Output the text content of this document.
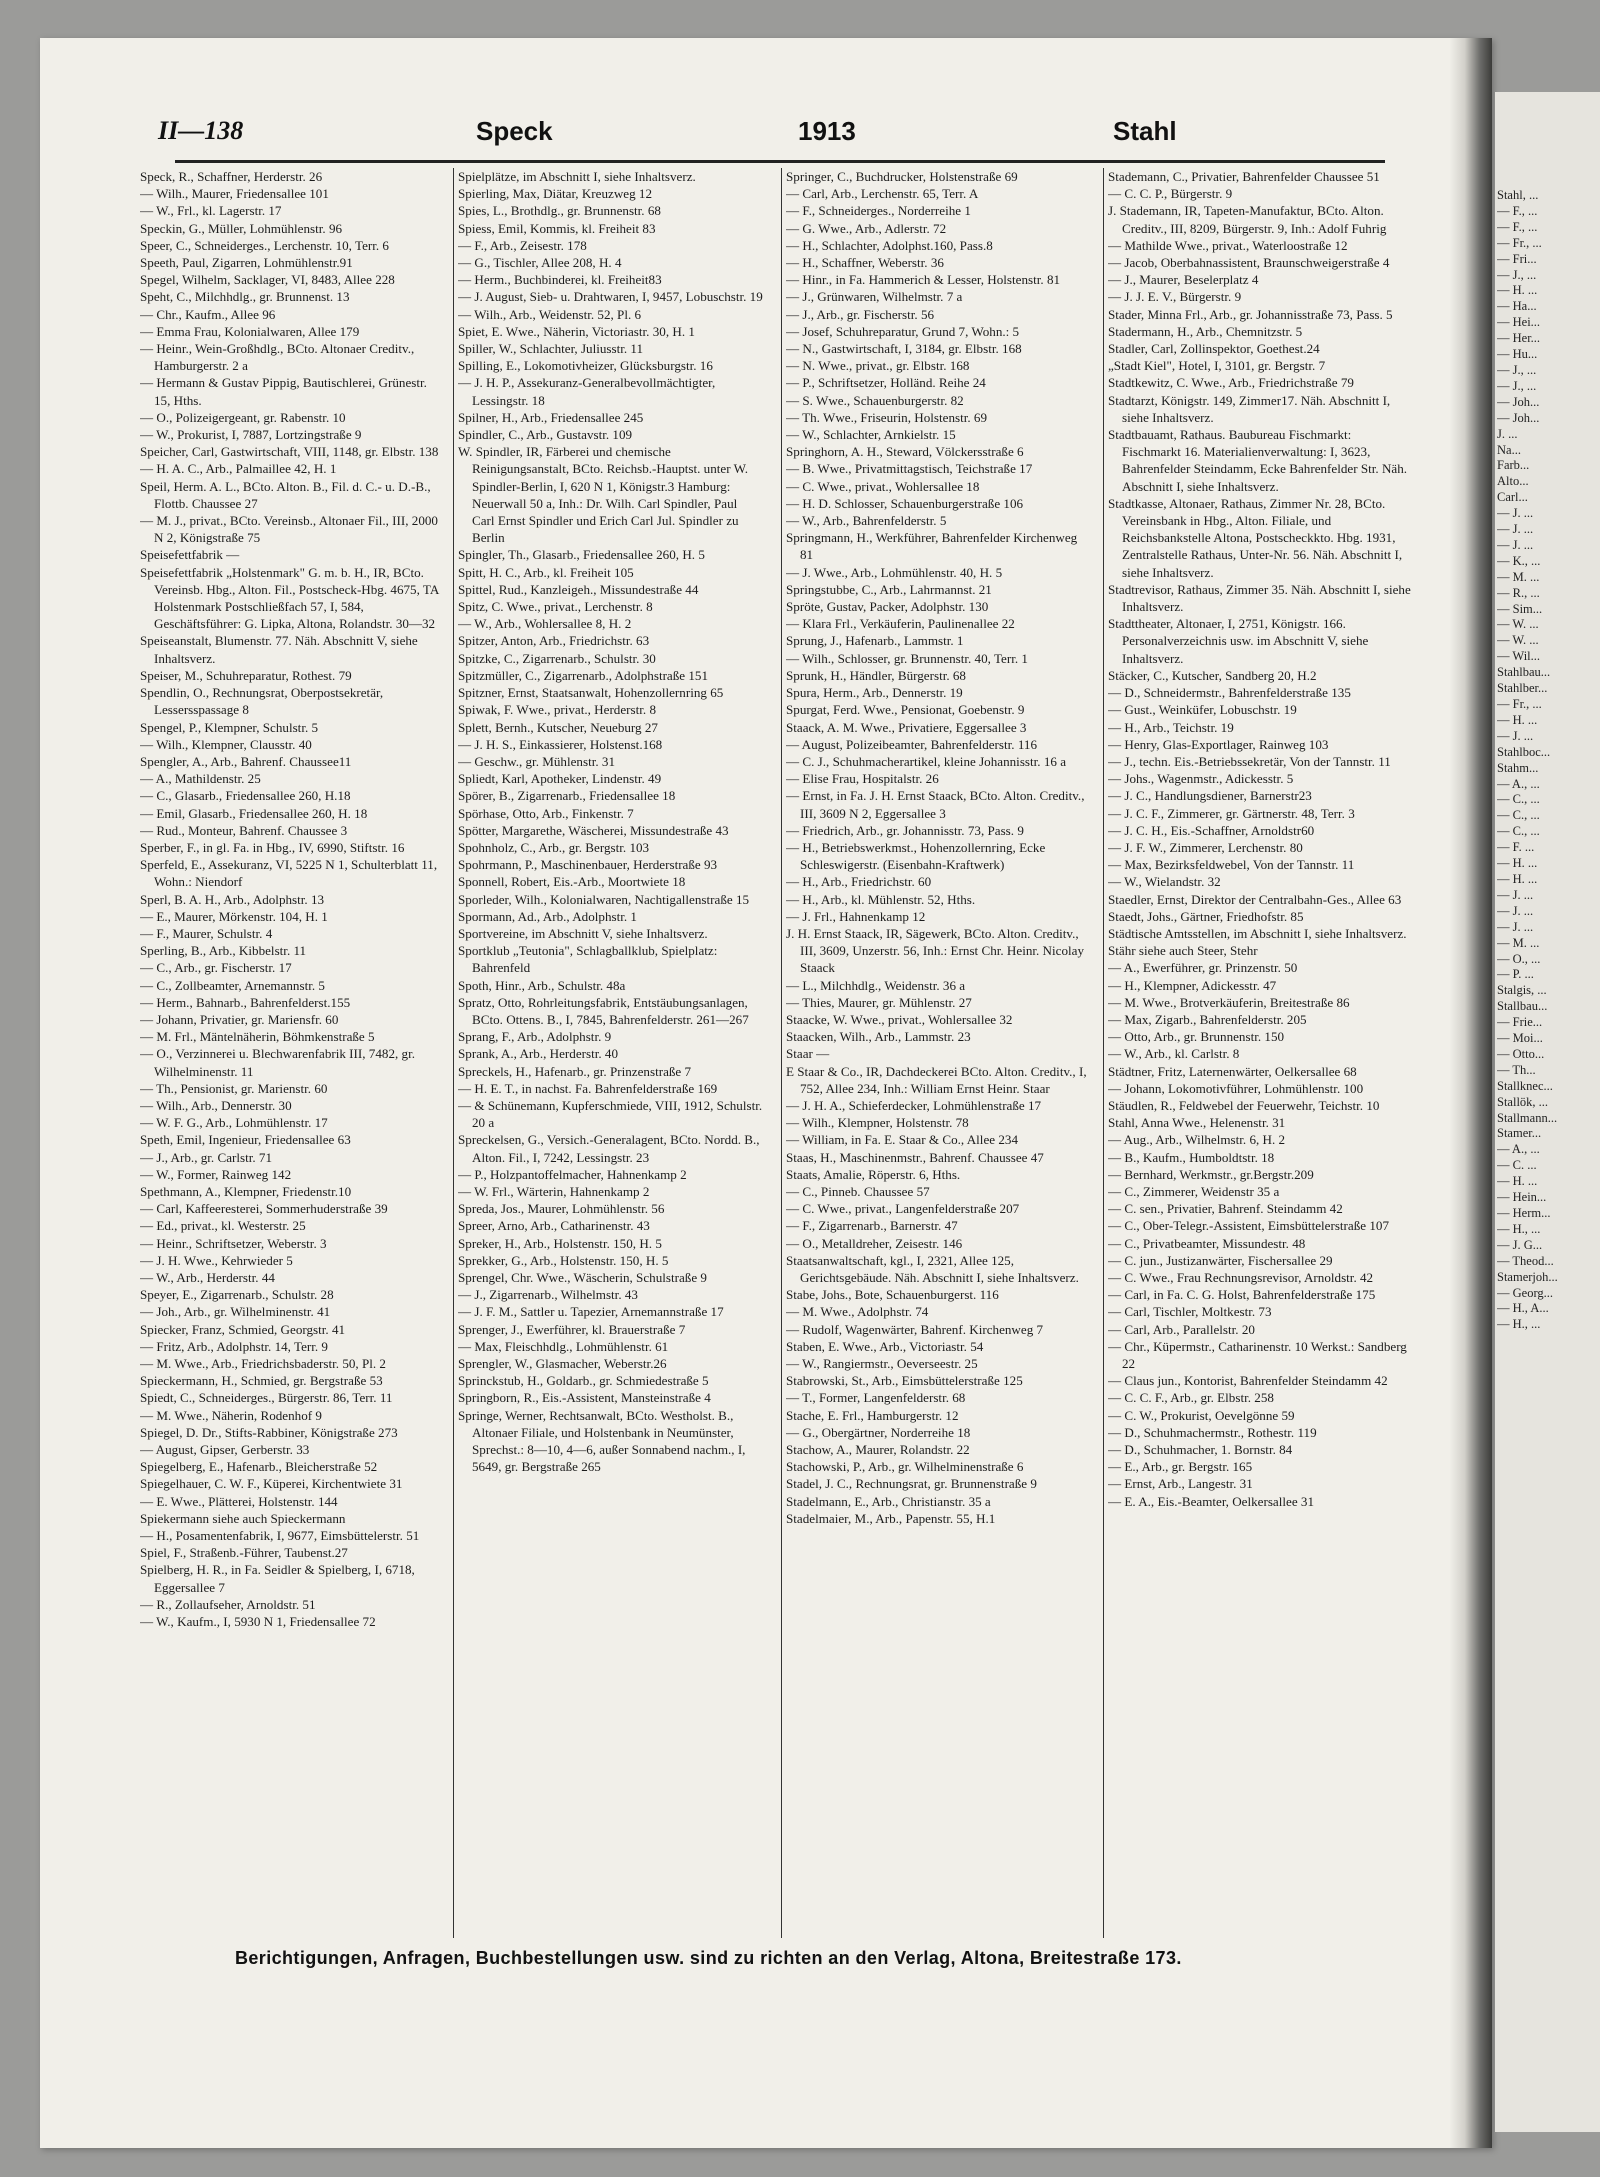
II—138	Speck	1913	Stahl

Speck, R., Schaffner, Herderstr. 26

— Wilh., Maurer, Friedensallee 101

— W., Frl., kl. Lagerstr. 17

Speckin, G., Müller, Lohmühlenstr. 96

Speer, C., Schneiderges., Lerchenstr. 10, Terr. 6

Speeth, Paul, Zigarren, Lohmühlenstr.91

Spegel, Wilhelm, Sacklager, VI, 8483, Allee 228

Speht, C., Milchhdlg., gr. Brunnenst. 13

— Chr., Kaufm., Allee 96

— Emma Frau, Kolonialwaren, Allee 179

— Heinr., Wein-Großhdlg., BCto. Altonaer Creditv., Hamburgerstr. 2 a

— Hermann & Gustav Pippig, Bautischlerei, Grünestr. 15, Hths.

— O., Polizeigergeant, gr. Rabenstr. 10

— W., Prokurist, I, 7887, Lortzingstraße 9

Speicher, Carl, Gastwirtschaft, VIII, 1148, gr. Elbstr. 138

— H. A. C., Arb., Palmaillee 42, H. 1

Speil, Herm. A. L., BCto. Alton. B., Fil. d. C.- u. D.-B., Flottb. Chaussee 27

— M. J., privat., BCto. Vereinsb., Altonaer Fil., III, 2000 N 2, Königstraße 75

Speisefettfabrik —

Speisefettfabrik „Holstenmark" G. m. b. H., IR, BCto. Vereinsb. Hbg., Alton. Fil., Postscheck-Hbg. 4675, TA Holstenmark Postschließfach 57, I, 584, Geschäftsführer: G. Lipka, Altona, Rolandstr. 30—32

Speiseanstalt, Blumenstr. 77. Näh. Abschnitt V, siehe Inhaltsverz.

Speiser, M., Schuhreparatur, Rothest. 79

Spendlin, O., Rechnungsrat, Oberpostsekretär, Lessersspassage 8

Spengel, P., Klempner, Schulstr. 5

— Wilh., Klempner, Clausstr. 40

Spengler, A., Arb., Bahrenf. Chaussee11

— A., Mathildenstr. 25

— C., Glasarb., Friedensallee 260, H.18

— Emil, Glasarb., Friedensallee 260, H. 18

— Rud., Monteur, Bahrenf. Chaussee 3

Sperber, F., in gl. Fa. in Hbg., IV, 6990, Stiftstr. 16

Sperfeld, E., Assekuranz, VI, 5225 N 1, Schulterblatt 11, Wohn.: Niendorf

Sperl, B. A. H., Arb., Adolphstr. 13

— E., Maurer, Mörkenstr. 104, H. 1

— F., Maurer, Schulstr. 4

Sperling, B., Arb., Kibbelstr. 11

— C., Arb., gr. Fischerstr. 17

— C., Zollbeamter, Arnemannstr. 5

— Herm., Bahnarb., Bahrenfelderst.155

— Johann, Privatier, gr. Mariensfr. 60

— M. Frl., Mäntelnäherin, Böhmkenstraße 5

— O., Verzinnerei u. Blechwarenfabrik III, 7482, gr. Wilhelminenstr. 11

— Th., Pensionist, gr. Marienstr. 60

— Wilh., Arb., Dennerstr. 30

— W. F. G., Arb., Lohmühlenstr. 17

Speth, Emil, Ingenieur, Friedensallee 63

— J., Arb., gr. Carlstr. 71

— W., Former, Rainweg 142

Spethmann, A., Klempner, Friedenstr.10

— Carl, Kaffeeresterei, Sommerhuderstraße 39

— Ed., privat., kl. Westerstr. 25

— Heinr., Schriftsetzer, Weberstr. 3

— J. H. Wwe., Kehrwieder 5

— W., Arb., Herderstr. 44

Speyer, E., Zigarrenarb., Schulstr. 28

— Joh., Arb., gr. Wilhelminenstr. 41

Spiecker, Franz, Schmied, Georgstr. 41

— Fritz, Arb., Adolphstr. 14, Terr. 9

— M. Wwe., Arb., Friedrichsbaderstr. 50, Pl. 2

Spieckermann, H., Schmied, gr. Bergstraße 53

Spiedt, C., Schneiderges., Bürgerstr. 86, Terr. 11

— M. Wwe., Näherin, Rodenhof 9

Spiegel, D. Dr., Stifts-Rabbiner, Königstraße 273

— August, Gipser, Gerberstr. 33

Spiegelberg, E., Hafenarb., Bleicherstraße 52

Spiegelhauer, C. W. F., Küperei, Kirchentwiete 31

— E. Wwe., Plätterei, Holstenstr. 144

Spiekermann siehe auch Spieckermann

— H., Posamentenfabrik, I, 9677, Eimsbüttelerstr. 51

Spiel, F., Straßenb.-Führer, Taubenst.27

Spielberg, H. R., in Fa. Seidler & Spielberg, I, 6718, Eggersallee 7

— R., Zollaufseher, Arnoldstr. 51

— W., Kaufm., I, 5930 N 1, Friedensallee 72

Spielplätze, im Abschnitt I, siehe Inhaltsverz.

Spierling, Max, Diätar, Kreuzweg 12

Spies, L., Brothdlg., gr. Brunnenstr. 68

Spiess, Emil, Kommis, kl. Freiheit 83

— F., Arb., Zeisestr. 178

— G., Tischler, Allee 208, H. 4

— Herm., Buchbinderei, kl. Freiheit83

— J. August, Sieb- u. Drahtwaren, I, 9457, Lobuschstr. 19

— Wilh., Arb., Weidenstr. 52, Pl. 6

Spiet, E. Wwe., Näherin, Victoriastr. 30, H. 1

Spiller, W., Schlachter, Juliusstr. 11

Spilling, E., Lokomotivheizer, Glücksburgstr. 16

— J. H. P., Assekuranz-Generalbevollmächtigter, Lessingstr. 18

Spilner, H., Arb., Friedensallee 245

Spindler, C., Arb., Gustavstr. 109

W. Spindler, IR, Färberei und chemische Reinigungsanstalt, BCto. Reichsb.-Hauptst. unter W. Spindler-Berlin, I, 620 N 1, Königstr.3 Hamburg: Neuerwall 50 a, Inh.: Dr. Wilh. Carl Spindler, Paul Carl Ernst Spindler und Erich Carl Jul. Spindler zu Berlin

Spingler, Th., Glasarb., Friedensallee 260, H. 5

Spitt, H. C., Arb., kl. Freiheit 105

Spittel, Rud., Kanzleigeh., Missundestraße 44

Spitz, C. Wwe., privat., Lerchenstr. 8

— W., Arb., Wohlersallee 8, H. 2

Spitzer, Anton, Arb., Friedrichstr. 63

Spitzke, C., Zigarrenarb., Schulstr. 30

Spitzmüller, C., Zigarrenarb., Adolphstraße 151

Spitzner, Ernst, Staatsanwalt, Hohenzollernring 65

Spiwak, F. Wwe., privat., Herderstr. 8

Splett, Bernh., Kutscher, Neueburg 27

— J. H. S., Einkassierer, Holstenst.168

— Geschw., gr. Mühlenstr. 31

Spliedt, Karl, Apotheker, Lindenstr. 49

Spörer, B., Zigarrenarb., Friedensallee 18

Spörhase, Otto, Arb., Finkenstr. 7

Spötter, Margarethe, Wäscherei, Missundestraße 43

Spohnholz, C., Arb., gr. Bergstr. 103

Spohrmann, P., Maschinenbauer, Herderstraße 93

Sponnell, Robert, Eis.-Arb., Moortwiete 18

Sporleder, Wilh., Kolonialwaren, Nachtigallenstraße 15

Spormann, Ad., Arb., Adolphstr. 1

Sportvereine, im Abschnitt V, siehe Inhaltsverz.

Sportklub „Teutonia", Schlagballklub, Spielplatz: Bahrenfeld

Spoth, Hinr., Arb., Schulstr. 48a

Spratz, Otto, Rohrleitungsfabrik, Entstäubungsanlagen, BCto. Ottens. B., I, 7845, Bahrenfelderstr. 261—267

Sprang, F., Arb., Adolphstr. 9

Sprank, A., Arb., Herderstr. 40

Spreckels, H., Hafenarb., gr. Prinzenstraße 7

— H. E. T., in nachst. Fa. Bahrenfelderstraße 169

— & Schünemann, Kupferschmiede, VIII, 1912, Schulstr. 20 a

Spreckelsen, G., Versich.-Generalagent, BCto. Nordd. B., Alton. Fil., I, 7242, Lessingstr. 23

— P., Holzpantoffelmacher, Hahnenkamp 2

— W. Frl., Wärterin, Hahnenkamp 2

Spreda, Jos., Maurer, Lohmühlenstr. 56

Spreer, Arno, Arb., Catharinenstr. 43

Spreker, H., Arb., Holstenstr. 150, H. 5

Sprekker, G., Arb., Holstenstr. 150, H. 5

Sprengel, Chr. Wwe., Wäscherin, Schulstraße 9

— J., Zigarrenarb., Wilhelmstr. 43

— J. F. M., Sattler u. Tapezier, Arnemannstraße 17

Sprenger, J., Ewerführer, kl. Brauerstraße 7

— Max, Fleischhdlg., Lohmühlenstr. 61

Sprengler, W., Glasmacher, Weberstr.26

Sprinckstub, H., Goldarb., gr. Schmiedestraße 5

Springborn, R., Eis.-Assistent, Mansteinstraße 4

Springe, Werner, Rechtsanwalt, BCto. Westholst. B., Altonaer Filiale, und Holstenbank in Neumünster, Sprechst.: 8—10, 4—6, außer Sonnabend nachm., I, 5649, gr. Bergstraße 265

Springer, C., Buchdrucker, Holstenstraße 69

— Carl, Arb., Lerchenstr. 65, Terr. A

— F., Schneiderges., Norderreihe 1

— G. Wwe., Arb., Adlerstr. 72

— H., Schlachter, Adolphst.160, Pass.8

— H., Schaffner, Weberstr. 36

— Hinr., in Fa. Hammerich & Lesser, Holstenstr. 81

— J., Grünwaren, Wilhelmstr. 7 a

— J., Arb., gr. Fischerstr. 56

— Josef, Schuhreparatur, Grund 7, Wohn.: 5

— N., Gastwirtschaft, I, 3184, gr. Elbstr. 168

— N. Wwe., privat., gr. Elbstr. 168

— P., Schriftsetzer, Holländ. Reihe 24

— S. Wwe., Schauenburgerstr. 82

— Th. Wwe., Friseurin, Holstenstr. 69

— W., Schlachter, Arnkielstr. 15

Springhorn, A. H., Steward, Völckersstraße 6

— B. Wwe., Privatmittagstisch, Teichstraße 17

— C. Wwe., privat., Wohlersallee 18

— H. D. Schlosser, Schauenburgerstraße 106

— W., Arb., Bahrenfelderstr. 5

Springmann, H., Werkführer, Bahrenfelder Kirchenweg 81

— J. Wwe., Arb., Lohmühlenstr. 40, H. 5

Springstubbe, C., Arb., Lahrmannst. 21

Spröte, Gustav, Packer, Adolphstr. 130

— Klara Frl., Verkäuferin, Paulinenallee 22

Sprung, J., Hafenarb., Lammstr. 1

— Wilh., Schlosser, gr. Brunnenstr. 40, Terr. 1

Sprunk, H., Händler, Bürgerstr. 68

Spura, Herm., Arb., Dennerstr. 19

Spurgat, Ferd. Wwe., Pensionat, Goebenstr. 9

Staack, A. M. Wwe., Privatiere, Eggersallee 3

— August, Polizeibeamter, Bahrenfelderstr. 116

— C. J., Schuhmacherartikel, kleine Johannisstr. 16 a

— Elise Frau, Hospitalstr. 26

— Ernst, in Fa. J. H. Ernst Staack, BCto. Alton. Creditv., III, 3609 N 2, Eggersallee 3

— Friedrich, Arb., gr. Johannisstr. 73, Pass. 9

— H., Betriebswerkmst., Hohenzollernring, Ecke Schleswigerstr. (Eisenbahn-Kraftwerk)

— H., Arb., Friedrichstr. 60

— H., Arb., kl. Mühlenstr. 52, Hths.

— J. Frl., Hahnenkamp 12

J. H. Ernst Staack, IR, Sägewerk, BCto. Alton. Creditv., III, 3609, Unzerstr. 56, Inh.: Ernst Chr. Heinr. Nicolay Staack

— L., Milchhdlg., Weidenstr. 36 a

— Thies, Maurer, gr. Mühlenstr. 27

Staacke, W. Wwe., privat., Wohlersallee 32

Staacken, Wilh., Arb., Lammstr. 23

Staar —

E Staar & Co., IR, Dachdeckerei BCto. Alton. Creditv., I, 752, Allee 234, Inh.: William Ernst Heinr. Staar

— J. H. A., Schieferdecker, Lohmühlenstraße 17

— Wilh., Klempner, Holstenstr. 78

— William, in Fa. E. Staar & Co., Allee 234

Staas, H., Maschinenmstr., Bahrenf. Chaussee 47

Staats, Amalie, Röperstr. 6, Hths.

— C., Pinneb. Chaussee 57

— C. Wwe., privat., Langenfelderstraße 207

— F., Zigarrenarb., Barnerstr. 47

— O., Metalldreher, Zeisestr. 146

Staatsanwaltschaft, kgl., I, 2321, Allee 125, Gerichtsgebäude. Näh. Abschnitt I, siehe Inhaltsverz.

Stabe, Johs., Bote, Schauenburgerst. 116

— M. Wwe., Adolphstr. 74

— Rudolf, Wagenwärter, Bahrenf. Kirchenweg 7

Staben, E. Wwe., Arb., Victoriastr. 54

— W., Rangiermstr., Oeverseestr. 25

Stabrowski, St., Arb., Eimsbüttelerstraße 125

— T., Former, Langenfelderstr. 68

Stache, E. Frl., Hamburgerstr. 12

— G., Obergärtner, Norderreihe 18

Stachow, A., Maurer, Rolandstr. 22

Stachowski, P., Arb., gr. Wilhelminenstraße 6

Stadel, J. C., Rechnungsrat, gr. Brunnenstraße 9

Stadelmann, E., Arb., Christianstr. 35 a

Stadelmaier, M., Arb., Papenstr. 55, H.1

Stademann, C., Privatier, Bahrenfelder Chaussee 51

— C. C. P., Bürgerstr. 9

J. Stademann, IR, Tapeten-Manufaktur, BCto. Alton. Creditv., III, 8209, Bürgerstr. 9, Inh.: Adolf Fuhrig

— Mathilde Wwe., privat., Waterloostraße 12

— Jacob, Oberbahnassistent, Braunschweigerstraße 4

— J., Maurer, Beselerplatz 4

— J. J. E. V., Bürgerstr. 9

Stader, Minna Frl., Arb., gr. Johannisstraße 73, Pass. 5

Stadermann, H., Arb., Chemnitzstr. 5

Stadler, Carl, Zollinspektor, Goethest.24

„Stadt Kiel", Hotel, I, 3101, gr. Bergstr. 7

Stadtkewitz, C. Wwe., Arb., Friedrichstraße 79

Stadtarzt, Königstr. 149, Zimmer17. Näh. Abschnitt I, siehe Inhaltsverz.

Stadtbauamt, Rathaus. Baubureau Fischmarkt: Fischmarkt 16. Materialienverwaltung: I, 3623, Bahrenfelder Steindamm, Ecke Bahrenfelder Str. Näh. Abschnitt I, siehe Inhaltsverz.

Stadtkasse, Altonaer, Rathaus, Zimmer Nr. 28, BCto. Vereinsbank in Hbg., Alton. Filiale, und Reichsbankstelle Altona, Postscheckkto. Hbg. 1931, Zentralstelle Rathaus, Unter-Nr. 56. Näh. Abschnitt I, siehe Inhaltsverz.

Stadtrevisor, Rathaus, Zimmer 35. Näh. Abschnitt I, siehe Inhaltsverz.

Stadttheater, Altonaer, I, 2751, Königstr. 166. Personalverzeichnis usw. im Abschnitt V, siehe Inhaltsverz.

Stäcker, C., Kutscher, Sandberg 20, H.2

— D., Schneidermstr., Bahrenfelderstraße 135

— Gust., Weinküfer, Lobuschstr. 19

— H., Arb., Teichstr. 19

— Henry, Glas-Exportlager, Rainweg 103

— J., techn. Eis.-Betriebssekretär, Von der Tannstr. 11

— Johs., Wagenmstr., Adickesstr. 5

— J. C., Handlungsdiener, Barnerstr23

— J. C. F., Zimmerer, gr. Gärtnerstr. 48, Terr. 3

— J. C. H., Eis.-Schaffner, Arnoldstr60

— J. F. W., Zimmerer, Lerchenstr. 80

— Max, Bezirksfeldwebel, Von der Tannstr. 11

— W., Wielandstr. 32

Staedler, Ernst, Direktor der Centralbahn-Ges., Allee 63

Staedt, Johs., Gärtner, Friedhofstr. 85

Städtische Amtsstellen, im Abschnitt I, siehe Inhaltsverz.

Stähr siehe auch Steer, Stehr

— A., Ewerführer, gr. Prinzenstr. 50

— H., Klempner, Adickesstr. 47

— M. Wwe., Brotverkäuferin, Breitestraße 86

— Max, Zigarb., Bahrenfelderstr. 205

— Otto, Arb., gr. Brunnenstr. 150

— W., Arb., kl. Carlstr. 8

Städtner, Fritz, Laternenwärter, Oelkersallee 68

— Johann, Lokomotivführer, Lohmühlenstr. 100

Stäudlen, R., Feldwebel der Feuerwehr, Teichstr. 10

Stahl, Anna Wwe., Helenenstr. 31

— Aug., Arb., Wilhelmstr. 6, H. 2

— B., Kaufm., Humboldtstr. 18

— Bernhard, Werkmstr., gr.Bergstr.209

— C., Zimmerer, Weidenstr 35 a

— C. sen., Privatier, Bahrenf. Steindamm 42

— C., Ober-Telegr.-Assistent, Eimsbüttelerstraße 107

— C., Privatbeamter, Missundestr. 48

— C. jun., Justizanwärter, Fischersallee 29

— C. Wwe., Frau Rechnungsrevisor, Arnoldstr. 42

— Carl, in Fa. C. G. Holst, Bahrenfelderstraße 175

— Carl, Tischler, Moltkestr. 73

— Carl, Arb., Parallelstr. 20

— Chr., Küpermstr., Catharinenstr. 10 Werkst.: Sandberg 22

— Claus jun., Kontorist, Bahrenfelder Steindamm 42

— C. C. F., Arb., gr. Elbstr. 258

— C. W., Prokurist, Oevelgönne 59

— D., Schuhmachermstr., Rothestr. 119

— D., Schuhmacher, 1. Bornstr. 84

— E., Arb., gr. Bergstr. 165

— Ernst, Arb., Langestr. 31

— E. A., Eis.-Beamter, Oelkersallee 31

Berichtigungen, Anfragen, Buchbestellungen usw. sind zu richten an den Verlag, Altona, Breitestraße 173.
Stahl, ...
— F., ...
— F., ...
— Fr., ...
— Fri...
— J., ...
— H. ...
— Ha...
— Hei...
— Her...
— Hu...
— J., ...
— J., ...
— Joh...
— Joh...
J. ...
Na...
Farb...
Alto...
Carl...
— J. ...
— J. ...
— J. ...
— K., ...
— M. ...
— R., ...
— Sim...
— W. ...
— W. ...
— Wil...
Stahlbau...
Stahlber...
— Fr., ...
— H. ...
— J. ...
Stahlboc...
Stahm...
— A., ...
— C., ...
— C., ...
— C., ...
— F. ...
— H. ...
— H. ...
— J. ...
— J. ...
— J. ...
— M. ...
— O., ...
— P. ...
Stalgis, ...
Stallbau...
— Frie...
— Moi...
— Otto...
— Th...
Stallknec...
Stallök, ...
Stallmann...
Stamer...
— A., ...
— C. ...
— H. ...
— Hein...
— Herm...
— H., ...
— J. G...
— Theod...
Stamerjoh...
— Georg...
— H., A...
— H., ...
